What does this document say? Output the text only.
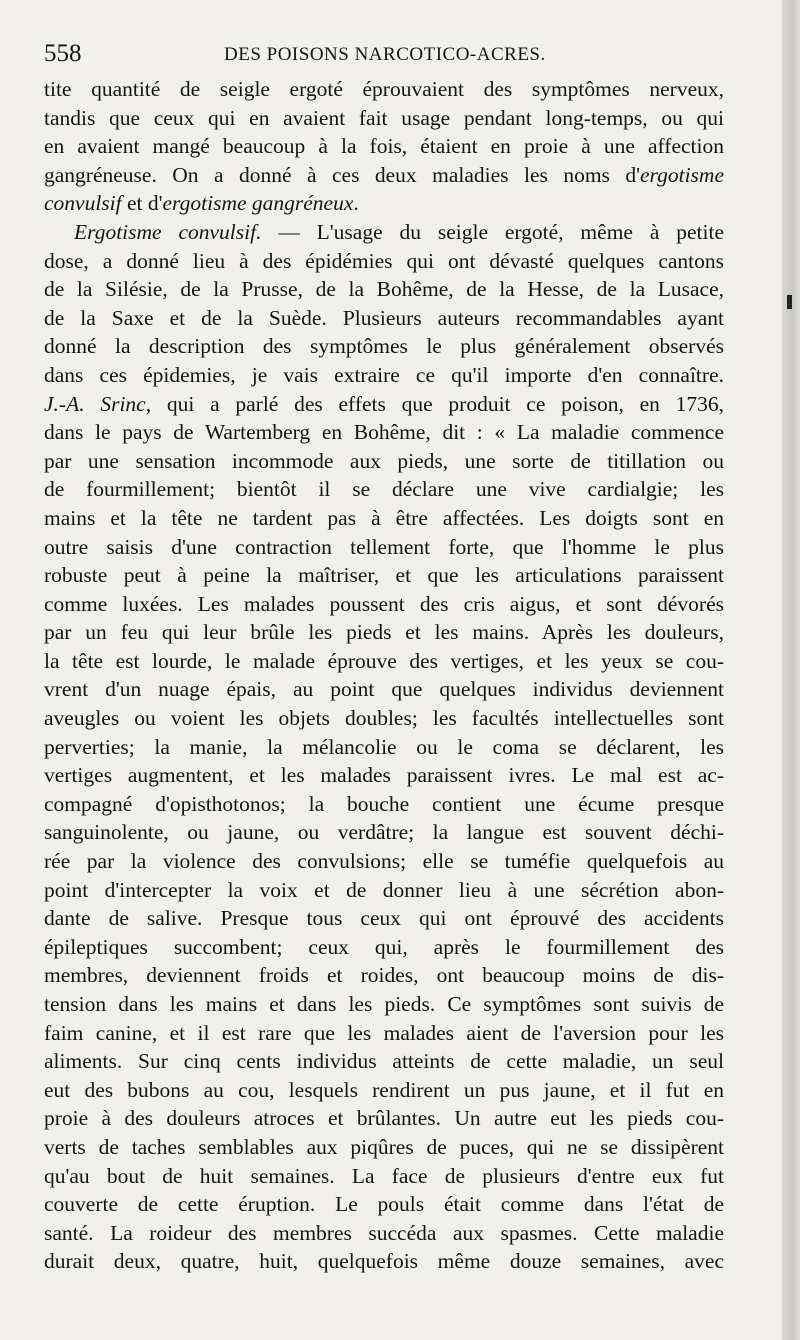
558	DES POISONS NARCOTICO-ACRES.
tite quantité de seigle ergoté éprouvaient des symptômes nerveux,
tandis que ceux qui en avaient fait usage pendant long-temps, ou qui
en avaient mangé beaucoup à la fois, étaient en proie à une affection
gangréneuse. On a donné à ces deux maladies les noms d'ergotisme
convulsif et d'ergotisme gangréneux.
Ergotisme convulsif. — L'usage du seigle ergoté, même à petite
dose, a donné lieu à des épidémies qui ont dévasté quelques cantons
de la Silésie, de la Prusse, de la Bohême, de la Hesse, de la Lusace,
de la Saxe et de la Suède. Plusieurs auteurs recommandables ayant
donné la description des symptômes le plus généralement observés
dans ces épidemies, je vais extraire ce qu'il importe d'en connaître.
J.-A. Srinc, qui a parlé des effets que produit ce poison, en 1736,
dans le pays de Wartemberg en Bohême, dit : « La maladie commence
par une sensation incommode aux pieds, une sorte de titillation ou
de fourmillement; bientôt il se déclare une vive cardialgie; les
mains et la tête ne tardent pas à être affectées. Les doigts sont en
outre saisis d'une contraction tellement forte, que l'homme le plus
robuste peut à peine la maîtriser, et que les articulations paraissent
comme luxées. Les malades poussent des cris aigus, et sont dévorés
par un feu qui leur brûle les pieds et les mains. Après les douleurs,
la tête est lourde, le malade éprouve des vertiges, et les yeux se cou-
vrent d'un nuage épais, au point que quelques individus deviennent
aveugles ou voient les objets doubles; les facultés intellectuelles sont
perverties; la manie, la mélancolie ou le coma se déclarent, les
vertiges augmentent, et les malades paraissent ivres. Le mal est ac-
compagné d'opisthotonos; la bouche contient une écume presque
sanguinolente, ou jaune, ou verdâtre; la langue est souvent déchi-
rée par la violence des convulsions; elle se tuméfie quelquefois au
point d'intercepter la voix et de donner lieu à une sécrétion abon-
dante de salive. Presque tous ceux qui ont éprouvé des accidents
épileptiques succombent; ceux qui, après le fourmillement des
membres, deviennent froids et roides, ont beaucoup moins de dis-
tension dans les mains et dans les pieds. Ce symptômes sont suivis de
faim canine, et il est rare que les malades aient de l'aversion pour les
aliments. Sur cinq cents individus atteints de cette maladie, un seul
eut des bubons au cou, lesquels rendirent un pus jaune, et il fut en
proie à des douleurs atroces et brûlantes. Un autre eut les pieds cou-
verts de taches semblables aux piqûres de puces, qui ne se dissipèrent
qu'au bout de huit semaines. La face de plusieurs d'entre eux fut
couverte de cette éruption. Le pouls était comme dans l'état de
santé. La roideur des membres succéda aux spasmes. Cette maladie
durait deux, quatre, huit, quelquefois même douze semaines, avec
